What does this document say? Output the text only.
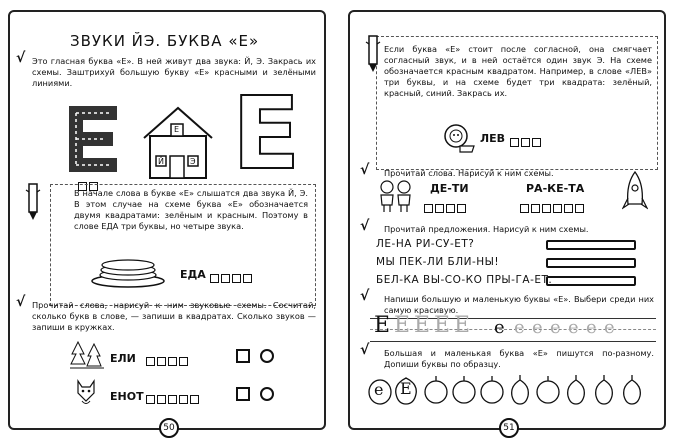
ЗВУКИ ЙЭ. БУКВА «Е»
√ Это гласная буква «Е». В ней живут два звука: Й, Э. Закрась их схемы. Заштрихуй большую букву «Е» красными и зелёными линиями.
Е
Й	Э Е
В начале слова в букве «Е» слышатся два звука Й, Э. В этом случае на схеме буква «Е» обозначается двумя квадратами: зелёным и красным. Поэтому в слове ЕДА три буквы, но четыре звука.
ЕДА
√ Прочитай слова, нарисуй к ним звуковые схемы. Сосчитай, сколько букв в слове, — запиши в квадратах. Сколько звуков — запиши в кружках.
ЕЛИ
ЕНОТ
50
Если буква «Е» стоит после согласной, она смягчает согласный звук, и в ней остаётся один звук Э. На схеме обозначается красным квадратом. Например, в слове «ЛЕВ» три буквы, и на схеме будет три квадрата: зелёный, красный, синий. Закрась их.
ЛЕВ
√ Прочитай слова. Нарисуй к ним схемы.
ДЕ-ТИ	РА-КЕ-ТА
√ Прочитай предложения. Нарисуй к ним схемы.
ЛЕ-НА РИ-СУ-ЕТ?
МЫ ПЕК-ЛИ БЛИ-НЫ!
БЕЛ-КА ВЫ-СО-КО ПРЫ-ГА-ЕТ.
√ Напиши большую и маленькую буквы «Е». Выбери среди них самую красивую.
Е Е Е Е Е е е е е е е е
√ Большая и маленькая буква «Е» пишутся по-разному. Допиши буквы по образцу.
е Е
51
